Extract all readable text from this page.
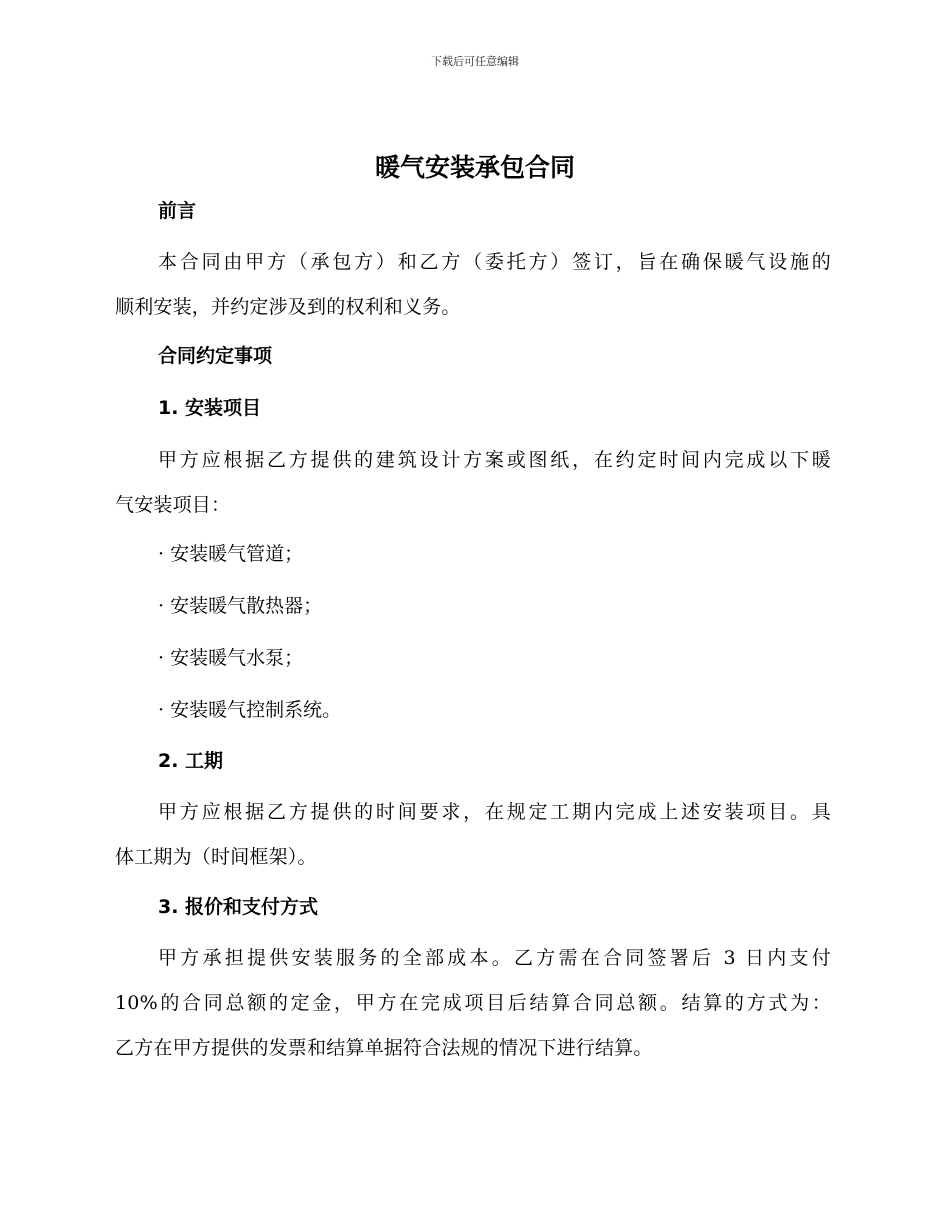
下载后可任意编辑
暖气安装承包合同
前言
本合同由甲方（承包方）和乙方（委托方）签订，旨在确保暖气设施的
顺利安装，并约定涉及到的权利和义务。
合同约定事项
1. 安装项目
甲方应根据乙方提供的建筑设计方案或图纸，在约定时间内完成以下暖
气安装项目：
· 安装暖气管道；
· 安装暖气散热器；
· 安装暖气水泵；
· 安装暖气控制系统。
2. 工期
甲方应根据乙方提供的时间要求，在规定工期内完成上述安装项目。具
体工期为（时间框架）。
3. 报价和支付方式
甲方承担提供安装服务的全部成本。乙方需在合同签署后 3 日内支付
10%的合同总额的定金，甲方在完成项目后结算合同总额。结算的方式为：
乙方在甲方提供的发票和结算单据符合法规的情况下进行结算。
